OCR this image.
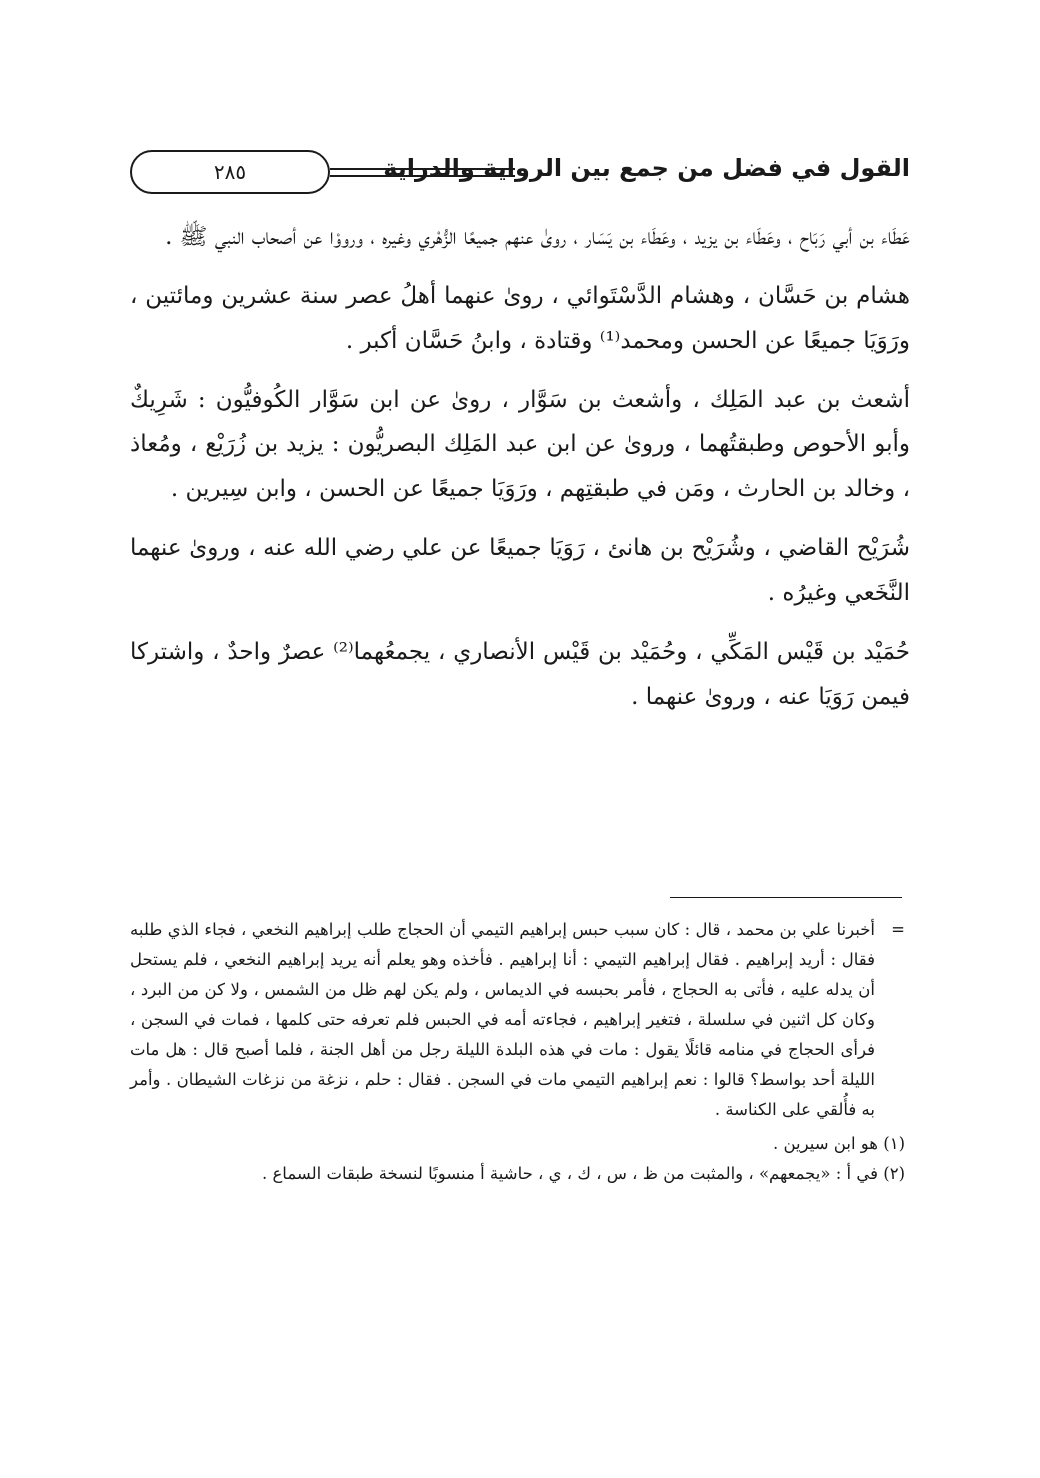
القول في فضل من جمع بين الرواية والدراية
٢٨٥

عَطَاء بن أبي رَبَاح ، وعَطَاء بن يزيد ، وعَطَاء بن يَسَار ، روىٰ عنهم جميعًا الزُّهْري وغيره ، ورووْا عن أصحاب النبي ﷺ .

هشام بن حَسَّان ، وهشام الدَّسْتَوائي ، روىٰ عنهما أهلُ عصر سنة عشرين ومائتين ، ورَوَيَا جميعًا عن الحسن ومحمد⁽¹⁾ وقتادة ، وابنُ حَسَّان أكبر .

أشعث بن عبد المَلِك ، وأشعث بن سَوَّار ، روىٰ عن ابن سَوَّار الكُوفيُّون : شَرِيكٌ وأبو الأحوص وطبقتُهما ، وروىٰ عن ابن عبد المَلِك البصريُّون : يزيد بن زُرَيْع ، ومُعاذ ، وخالد بن الحارث ، ومَن في طبقتِهم ، ورَوَيَا جميعًا عن الحسن ، وابن سِيرين .

شُرَيْح القاضي ، وشُرَيْح بن هانئ ، رَوَيَا جميعًا عن علي رضي الله عنه ، وروىٰ عنهما النَّخَعي وغيرُه .

حُمَيْد بن قَيْس المَكِّي ، وحُمَيْد بن قَيْس الأنصاري ، يجمعُهما⁽²⁾ عصرٌ واحدٌ ، واشتركا فيمن رَوَيَا عنه ، وروىٰ عنهما .

=
أخبرنا علي بن محمد ، قال : كان سبب حبس إبراهيم التيمي أن الحجاج طلب إبراهيم النخعي ، فجاء الذي طلبه فقال : أريد إبراهيم . فقال إبراهيم التيمي : أنا إبراهيم . فأخذه وهو يعلم أنه يريد إبراهيم النخعي ، فلم يستحل أن يدله عليه ، فأتى به الحجاج ، فأمر بحبسه في الديماس ، ولم يكن لهم ظل من الشمس ، ولا كن من البرد ، وكان كل اثنين في سلسلة ، فتغير إبراهيم ، فجاءته أمه في الحبس فلم تعرفه حتى كلمها ، فمات في السجن ، فرأى الحجاج في منامه قائلًا يقول : مات في هذه البلدة الليلة رجل من أهل الجنة ، فلما أصبح قال : هل مات الليلة أحد بواسط؟ قالوا : نعم إبراهيم التيمي مات في السجن . فقال : حلم ، نزغة من نزغات الشيطان . وأمر به فأُلقي على الكناسة .

(١) هو ابن سيرين .

(٢) في أ : «يجمعهم» ، والمثبت من ظ ، س ، ك ، ي ، حاشية أ منسوبًا لنسخة طبقات السماع .
